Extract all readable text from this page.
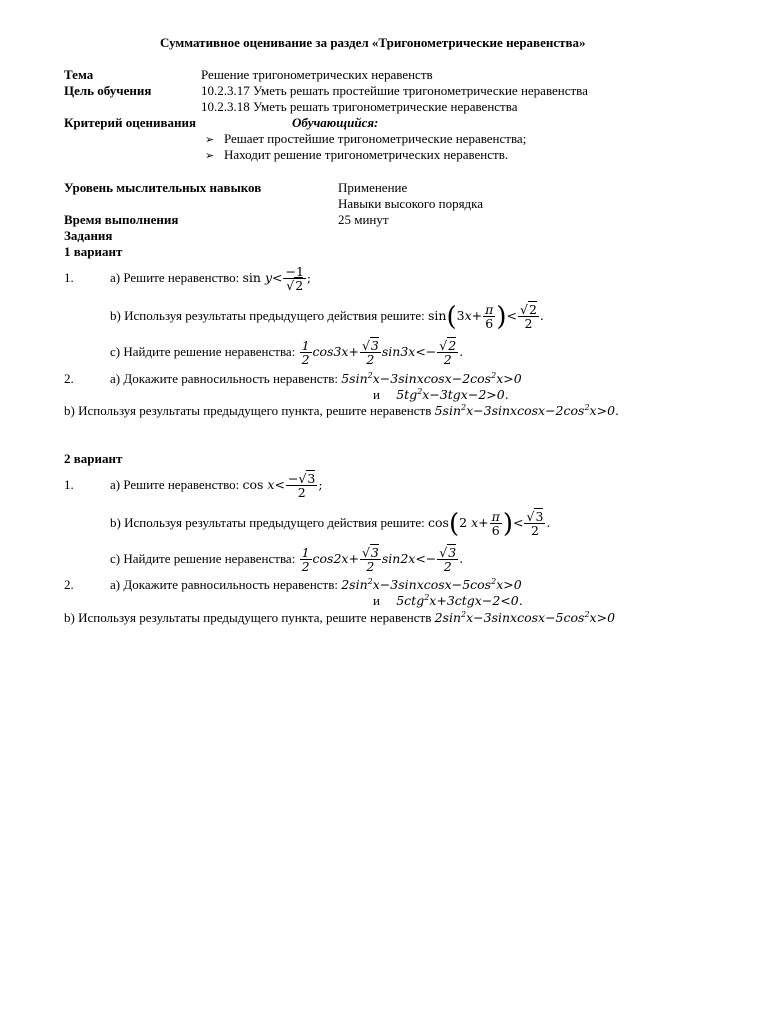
Суммативное оценивание за раздел «Тригонометрические неравенства»
Тема	Решение тригонометрических неравенств
Цель обучения	10.2.3.17 Уметь решать простейшие тригонометрические неравенства
10.2.3.18 Уметь решать тригонометрические неравенства
Критерий оценивания	Обучающийся:
➢ Решает простейшие тригонометрические неравенства;
➢ Находит решение тригонометрических неравенств.
Уровень мыслительных навыков	Применение
Навыки высокого порядка
Время выполнения	25 минут
Задания
1 вариант
1.	a) Решите неравенство: $\sin y< \frac{-1}{√2}$ ;
b) Используя результаты предыдущего действия решите: $\sin(3x+ \frac{\pi}{6}$ )< $\frac{√2}{2}$ .
c) Найдите решение неравенства: $\frac{1}{2} \cos 3x+ \frac{√3}{2} \sin 3x<- \frac{√2}{2}$ .
2.	a) Докажите равносильность неравенств: $5\sin^2x-3sinxcosx-2\cos^2x>0$
и $5tg^2x-3tgx-2>0$.
b) Используя результаты предыдущего пункта, решите неравенств $5\sin^2x-3sinxcosx-2\cos^2x>0$.
2 вариант
1.	a) Решите неравенство: $\cos x< \frac{-√3}{2}$ ;
b) Используя результаты предыдущего действия решите: cos(2 $x+ \frac{\pi}{6}$ )< $\frac{√3}{2}$ .
c) Найдите решение неравенства: $\frac{1}{2} \cos 2x+ \frac{√3}{2} \sin 2x<- \frac{√3}{2}$ .
2.	a) Докажите равносильность неравенств: $2\sin^2x-3sinxcosx-5\cos^2x>0$
и 5ctg$^2$x+3ctgx−2<0.
b) Используя результаты предыдущего пункта, решите неравенств $2\sin^2x-3sinxcosx-5\cos^2x>0$
